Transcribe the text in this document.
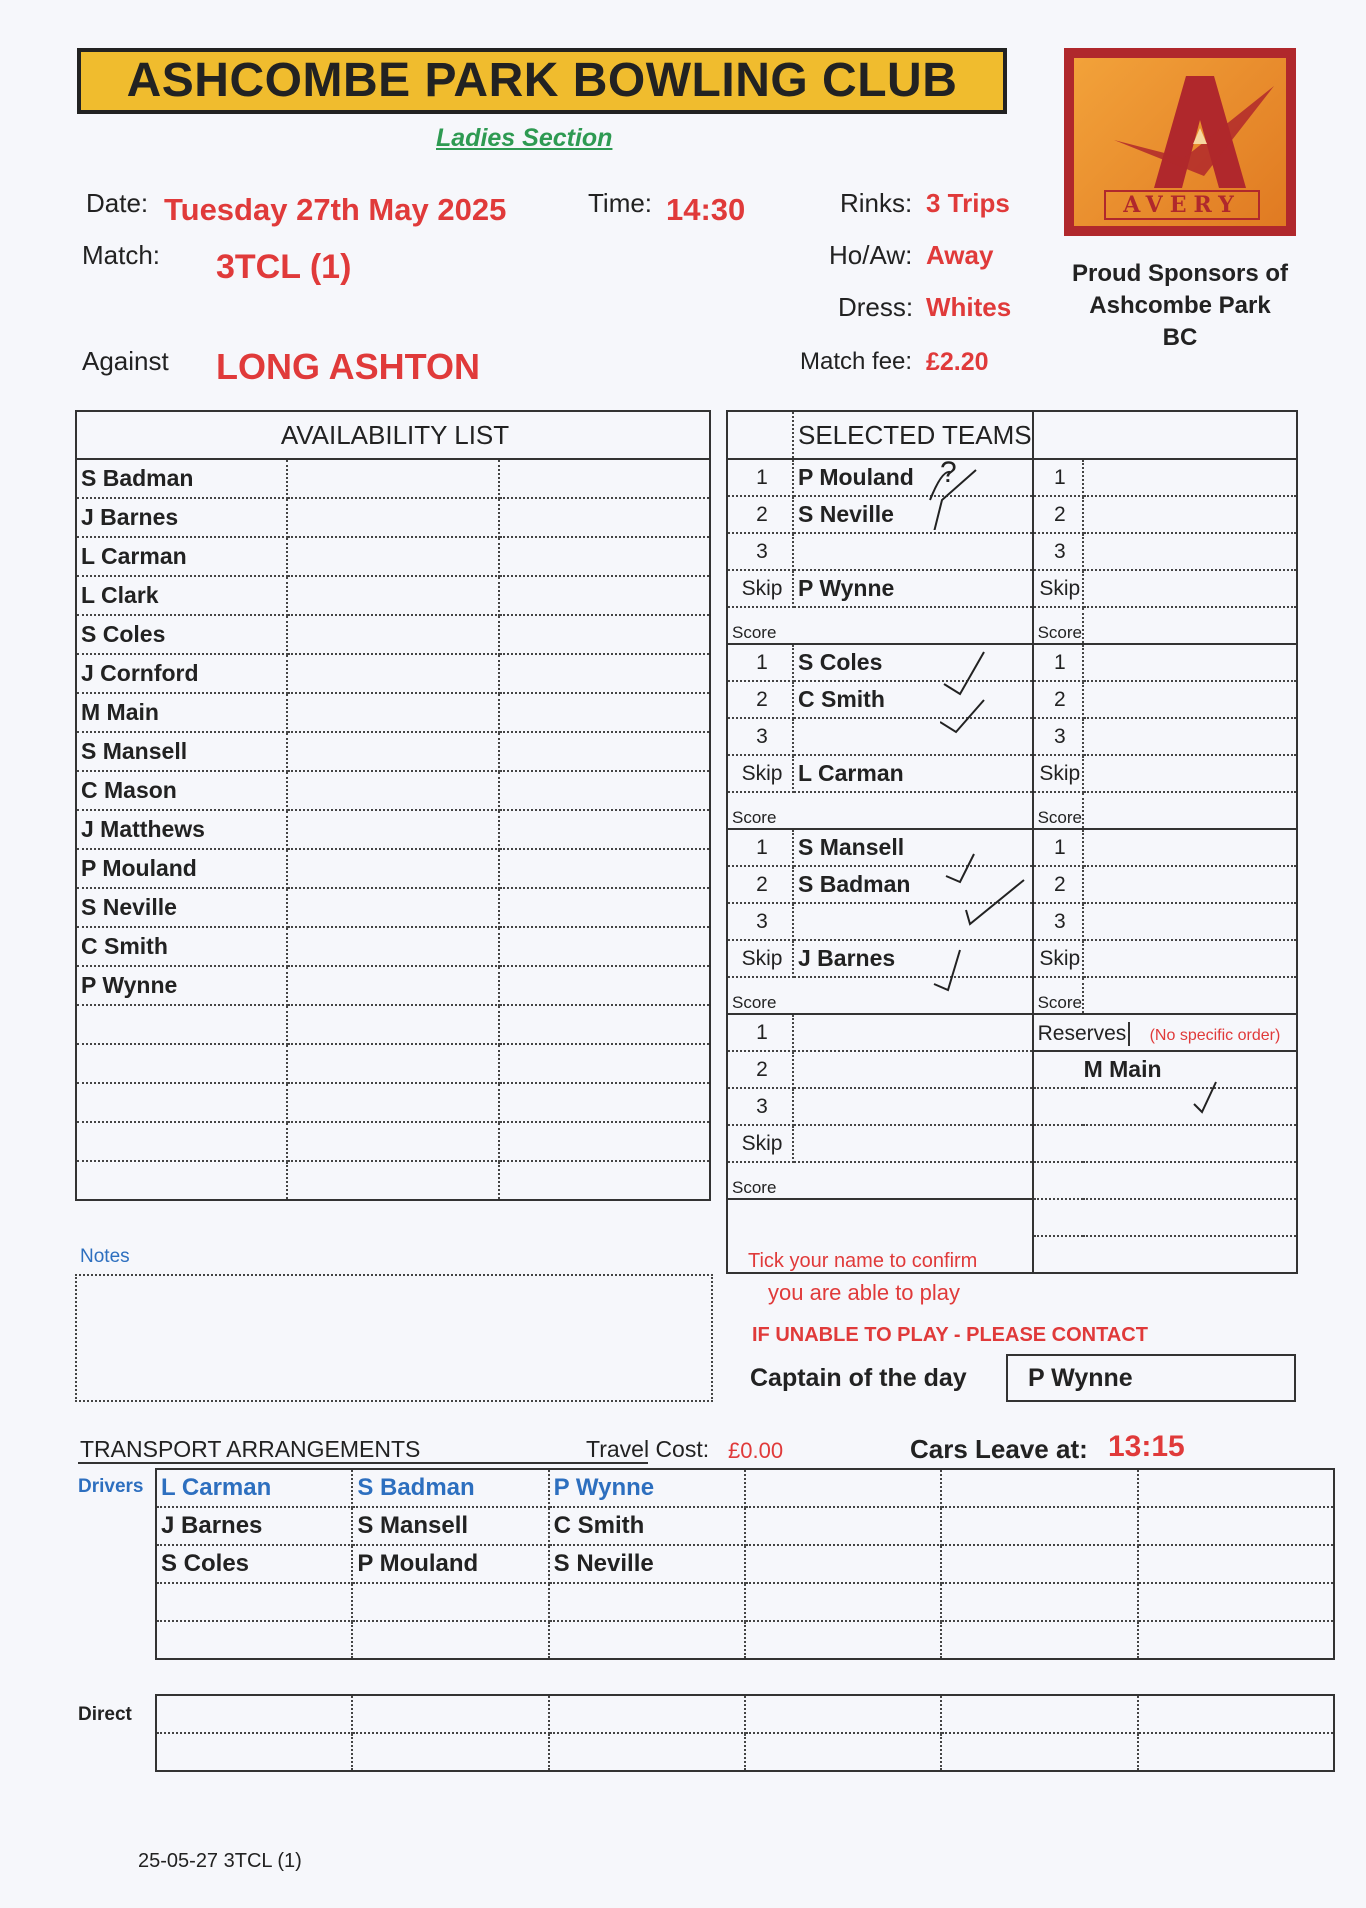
ASHCOMBE PARK BOWLING CLUB
Ladies Section
AVERY
Proud Sponsors of
Ashcombe Park
BC
Date: Tuesday 27th May 2025	Time: 14:30	Rinks: 3 Trips
Match: 3TCL (1)	Ho/Aw: Away
Dress: Whites
Against LONG ASHTON	Match fee: £2.20
AVAILABILITY LIST		
S Badman		
J Barnes		
L Carman		
L Clark		
S Coles		
J Cornford		
M Main		
S Mansell		
C Mason		
J Matthews		
P Mouland		
S Neville		
C Smith		
P Wynne		

	SELECTED TEAMS		
1	P Mouland	1	
2	S Neville	2	
3		3	
Skip	P Wynne	Skip	
Score		Score	
1	S Coles	1	
2	C Smith	2	
3		3	
Skip	L Carman	Skip	
Score		Score	
1	S Mansell	1	
2	S Badman	2	
3		3	
Skip	J Barnes	Skip	
Score		Score	
1		Reserves (No specific order)	
2		M Main	
3			
Skip			
Score			

?
Notes	Tick your name to confirm
you are able to play
IF UNABLE TO PLAY - PLEASE CONTACT
Captain of the day	P Wynne
TRANSPORT ARRANGEMENTS	Travel Cost: £0.00	Cars Leave at: 13:15
Drivers L Carman	S Badman	P Wynne			
J Barnes	S Mansell	C Smith			
S Coles	P Mouland	S Neville			

Direct

25-05-27 3TCL (1)
